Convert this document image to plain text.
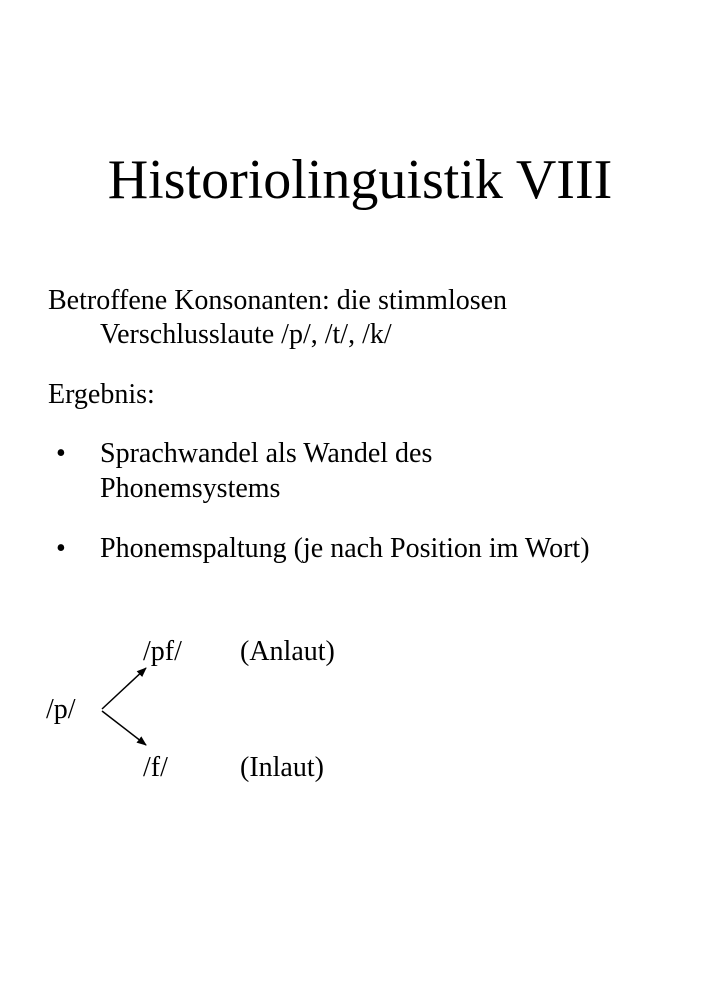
Historiolinguistik VIII
Betroffene Konsonanten: die stimmlosen
Verschlusslaute /p/, /t/, /k/
Ergebnis:
• Sprachwandel als Wandel des
Phonemsystems
• Phonemspaltung (je nach Position im Wort)
/pf/ (Anlaut)
/p/
/f/	(Inlaut)
